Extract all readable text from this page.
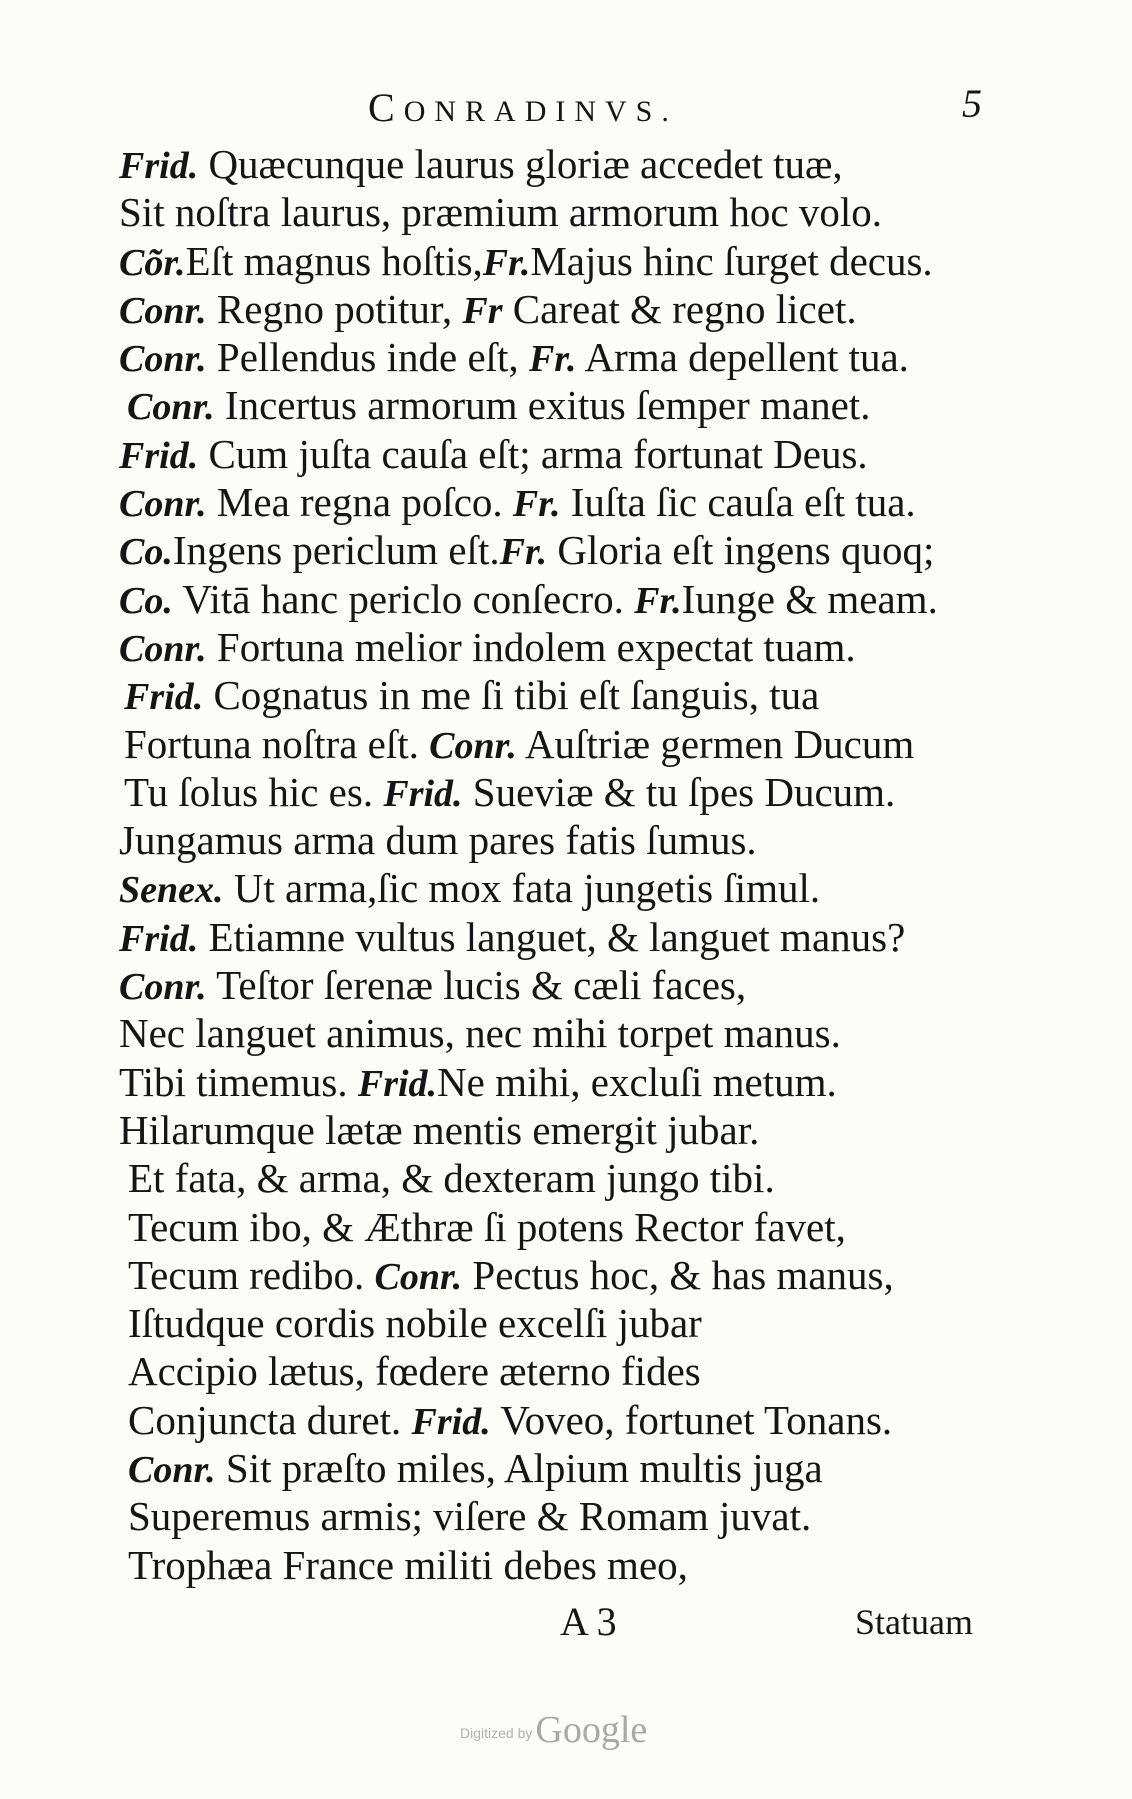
CONRADINVS.	5
Frid. Quæcunque laurus gloriæ accedet tuæ,
Sit noſtra laurus, præmium armorum hoc volo.
Cõr.Eſt magnus hoſtis,Fr.Majus hinc ſurget decus.
Conr. Regno potitur, Fr Careat & regno licet.
Conr. Pellendus inde eſt, Fr. Arma depellent tua.
Conr. Incertus armorum exitus ſemper manet.
Frid. Cum juſta cauſa eſt; arma fortunat Deus.
Conr. Mea regna poſco. Fr. Iuſta ſic cauſa eſt tua.
Co.Ingens periclum eſt.Fr. Gloria eſt ingens quoq;
Co. Vitā hanc periclo conſecro. Fr.Iunge & meam.
Conr. Fortuna melior indolem expectat tuam.
Frid. Cognatus in me ſi tibi eſt ſanguis, tua
Fortuna noſtra eſt. Conr. Auſtriæ germen Ducum
Tu ſolus hic es. Frid. Sueviæ & tu ſpes Ducum.
Jungamus arma dum pares fatis ſumus.
Senex. Ut arma,ſic mox fata jungetis ſimul.
Frid. Etiamne vultus languet, & languet manus?
Conr. Teſtor ſerenæ lucis & cæli faces,
Nec languet animus, nec mihi torpet manus.
Tibi timemus. Frid.Ne mihi, excluſi metum.
Hilarumque lætæ mentis emergit jubar.
Et fata, & arma, & dexteram jungo tibi.
Tecum ibo, & Æthræ ſi potens Rector favet,
Tecum redibo. Conr. Pectus hoc, & has manus,
Iſtudque cordis nobile excelſi jubar
Accipio lætus, fœdere æterno fides
Conjuncta duret. Frid. Voveo, fortunet Tonans.
Conr. Sit præſto miles, Alpium multis juga
Superemus armis; viſere & Romam juvat.
Trophæa France militi debes meo,
A 3	Statuam
Digitized byGoogle
